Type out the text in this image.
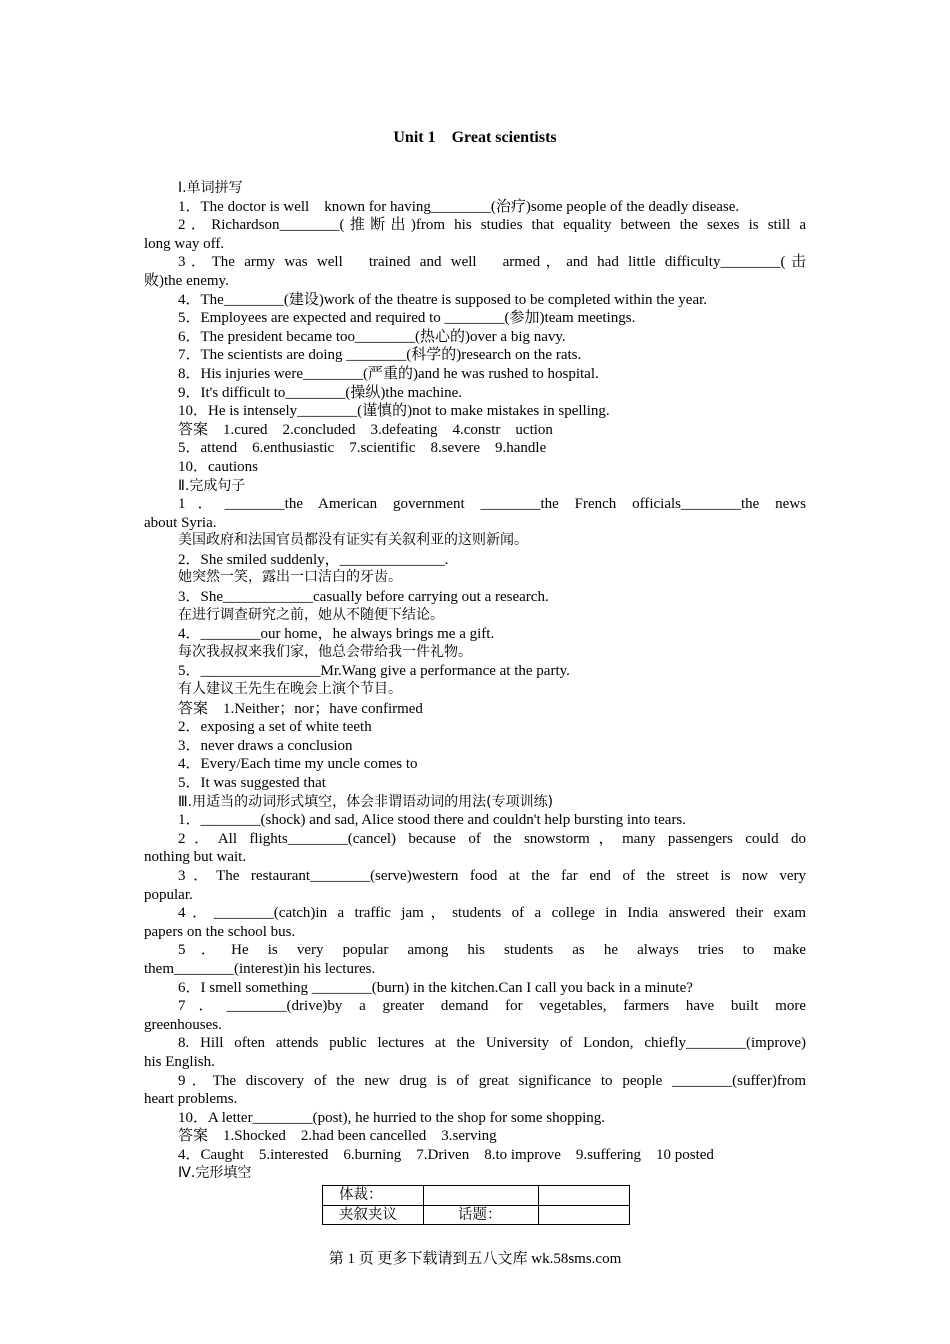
Unit 1　Great scientists
Ⅰ.单词拼写
1．The doctor is well　known for having________(治疗)some people of the deadly disease.
2．Richardson________(推断出)from his studies that equality between the sexes is still a
long way off.
3．The army was well　trained and well　armed，and had little difficulty________(击
败)the enemy.
4．The________(建设)work of the theatre is supposed to be completed within the year.
5．Employees are expected and required to ________(参加)team meetings.
6．The president became too________(热心的)over a big navy.
7．The scientists are doing ________(科学的)research on the rats.
8．His injuries were________(严重的)and he was rushed to hospital.
9．It's difficult to________(操纵)the machine.
10．He is intensely________(谨慎的)not to make mistakes in spelling.
答案　1.cured　2.concluded　3.defeating　4.constr　uction
5．attend　6.enthusiastic　7.scientific　8.severe　9.handle
10．cautions
Ⅱ.完成句子
1．________the American government ________the French officials________the news
about Syria.
美国政府和法国官员都没有证实有关叙利亚的这则新闻。
2．She smiled suddenly，______________.
她突然一笑，露出一口洁白的牙齿。
3．She____________casually before carrying out a research.
在进行调查研究之前，她从不随便下结论。
4．________our home，he always brings me a gift.
每次我叔叔来我们家，他总会带给我一件礼物。
5．________________Mr.Wang give a performance at the party.
有人建议王先生在晚会上演个节目。
答案　1.Neither；nor；have confirmed
2．exposing a set of white teeth
3．never draws a conclusion
4．Every/Each time my uncle comes to
5．It was suggested that
Ⅲ.用适当的动词形式填空，体会非谓语动词的用法(专项训练)
1．________(shock) and sad, Alice stood there and couldn't help bursting into tears.
2．All flights________(cancel) because of the snowstorm，many passengers could do
nothing but wait.
3．The restaurant________(serve)western food at the far end of the street is now very
popular.
4．________(catch)in a traffic jam，students of a college in India answered their exam
papers on the school bus.
5．He is very popular among his students as he always tries to make
them________(interest)in his lectures.
6．I smell something ________(burn) in the kitchen.Can I call you back in a minute?
7．________(drive)by a greater demand for vegetables, farmers have built more
greenhouses.
8. Hill often attends public lectures at the University of London, chiefly________(improve)
his English.
9．The discovery of the new drug is of great significance to people ________(suffer)from
heart problems.
10．A letter________(post), he hurried to the shop for some shopping.
答案　1.Shocked　2.had been cancelled　3.serving
4．Caught　5.interested　6.burning　7.Driven　8.to improve　9.suffering　10 posted
Ⅳ.完形填空
体裁：		
夹叙夹议	话题：	
第 1 页 更多下载请到五八文库 wk.58sms.com
